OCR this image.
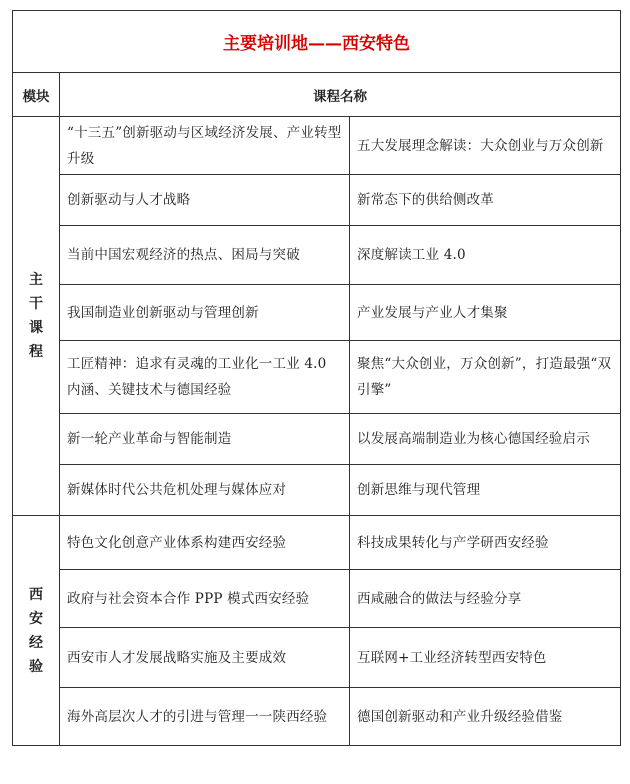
主要培训地——西安特色		
模块	课程名称	

主
干
课
程	“十三五”创新驱动与区域经济发展、产业转型升级	五大发展理念解读：大众创业与万众创新
	创新驱动与人才战略	新常态下的供给侧改革
	当前中国宏观经济的热点、困局与突破	深度解读工业 4.0
	我国制造业创新驱动与管理创新	产业发展与产业人才集聚
	工匠精神：追求有灵魂的工业化一工业 4.0 内涵、关键技术与德国经验	聚焦“大众创业，万众创新”，打造最强“双引擎”
	新一轮产业革命与智能制造	以发展高端制造业为核心德国经验启示
	新媒体时代公共危机处理与媒体应对	创新思维与现代管理

西
安
经
验	特色文化创意产业体系构建西安经验	科技成果转化与产学研西安经验
	政府与社会资本合作 PPP 模式西安经验	西咸融合的做法与经验分享
	西安市人才发展战略实施及主要成效	互联网+工业经济转型西安特色
	海外高层次人才的引进与管理一一陕西经验	德国创新驱动和产业升级经验借鉴
